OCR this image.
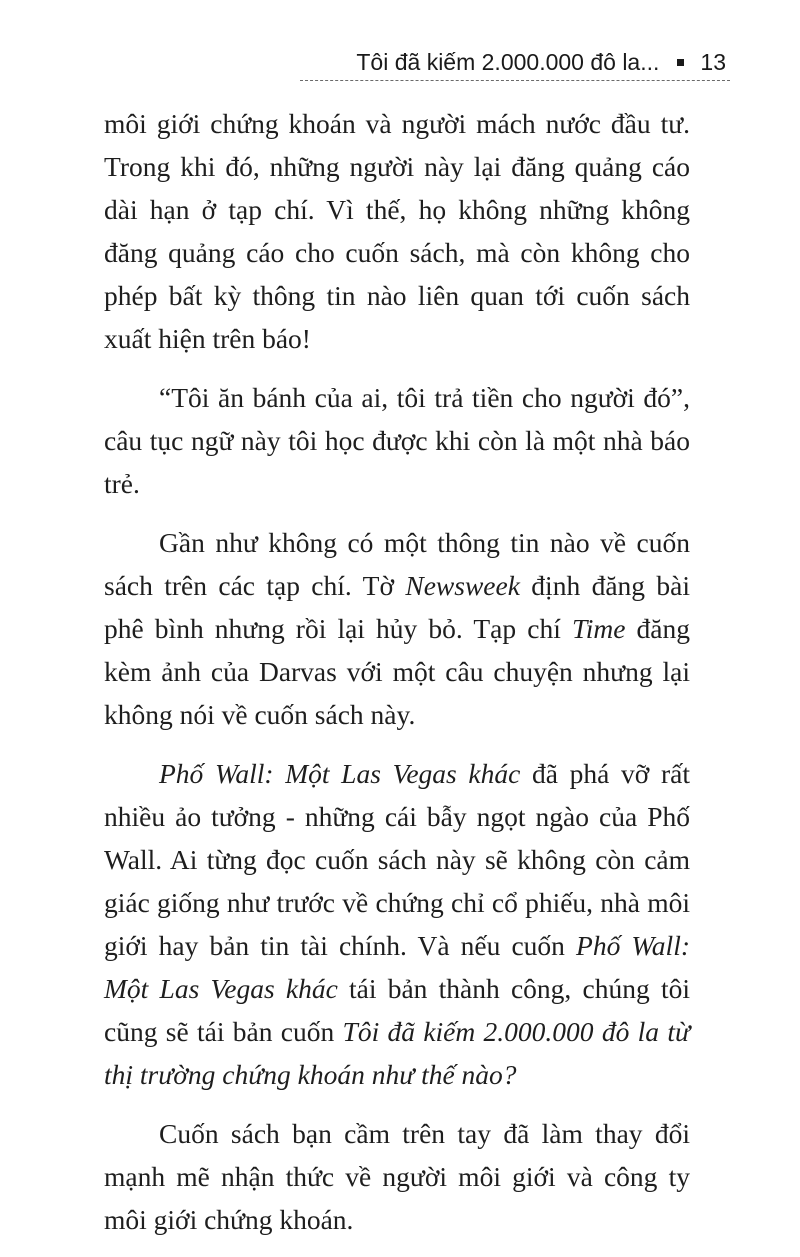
Tôi đã kiếm 2.000.000 đô la... 13

môi giới chứng khoán và người mách nước đầu tư. Trong khi đó, những người này lại đăng quảng cáo dài hạn ở tạp chí. Vì thế, họ không những không đăng quảng cáo cho cuốn sách, mà còn không cho phép bất kỳ thông tin nào liên quan tới cuốn sách xuất hiện trên báo!

“Tôi ăn bánh của ai, tôi trả tiền cho người đó”, câu tục ngữ này tôi học được khi còn là một nhà báo trẻ.

Gần như không có một thông tin nào về cuốn sách trên các tạp chí. Tờ Newsweek định đăng bài phê bình nhưng rồi lại hủy bỏ. Tạp chí Time đăng kèm ảnh của Darvas với một câu chuyện nhưng lại không nói về cuốn sách này.

Phố Wall: Một Las Vegas khác đã phá vỡ rất nhiều ảo tưởng - những cái bẫy ngọt ngào của Phố Wall. Ai từng đọc cuốn sách này sẽ không còn cảm giác giống như trước về chứng chỉ cổ phiếu, nhà môi giới hay bản tin tài chính. Và nếu cuốn Phố Wall: Một Las Vegas khác tái bản thành công, chúng tôi cũng sẽ tái bản cuốn Tôi đã kiếm 2.000.000 đô la từ thị trường chứng khoán như thế nào?

Cuốn sách bạn cầm trên tay đã làm thay đổi mạnh mẽ nhận thức về người môi giới và công ty môi giới chứng khoán.
